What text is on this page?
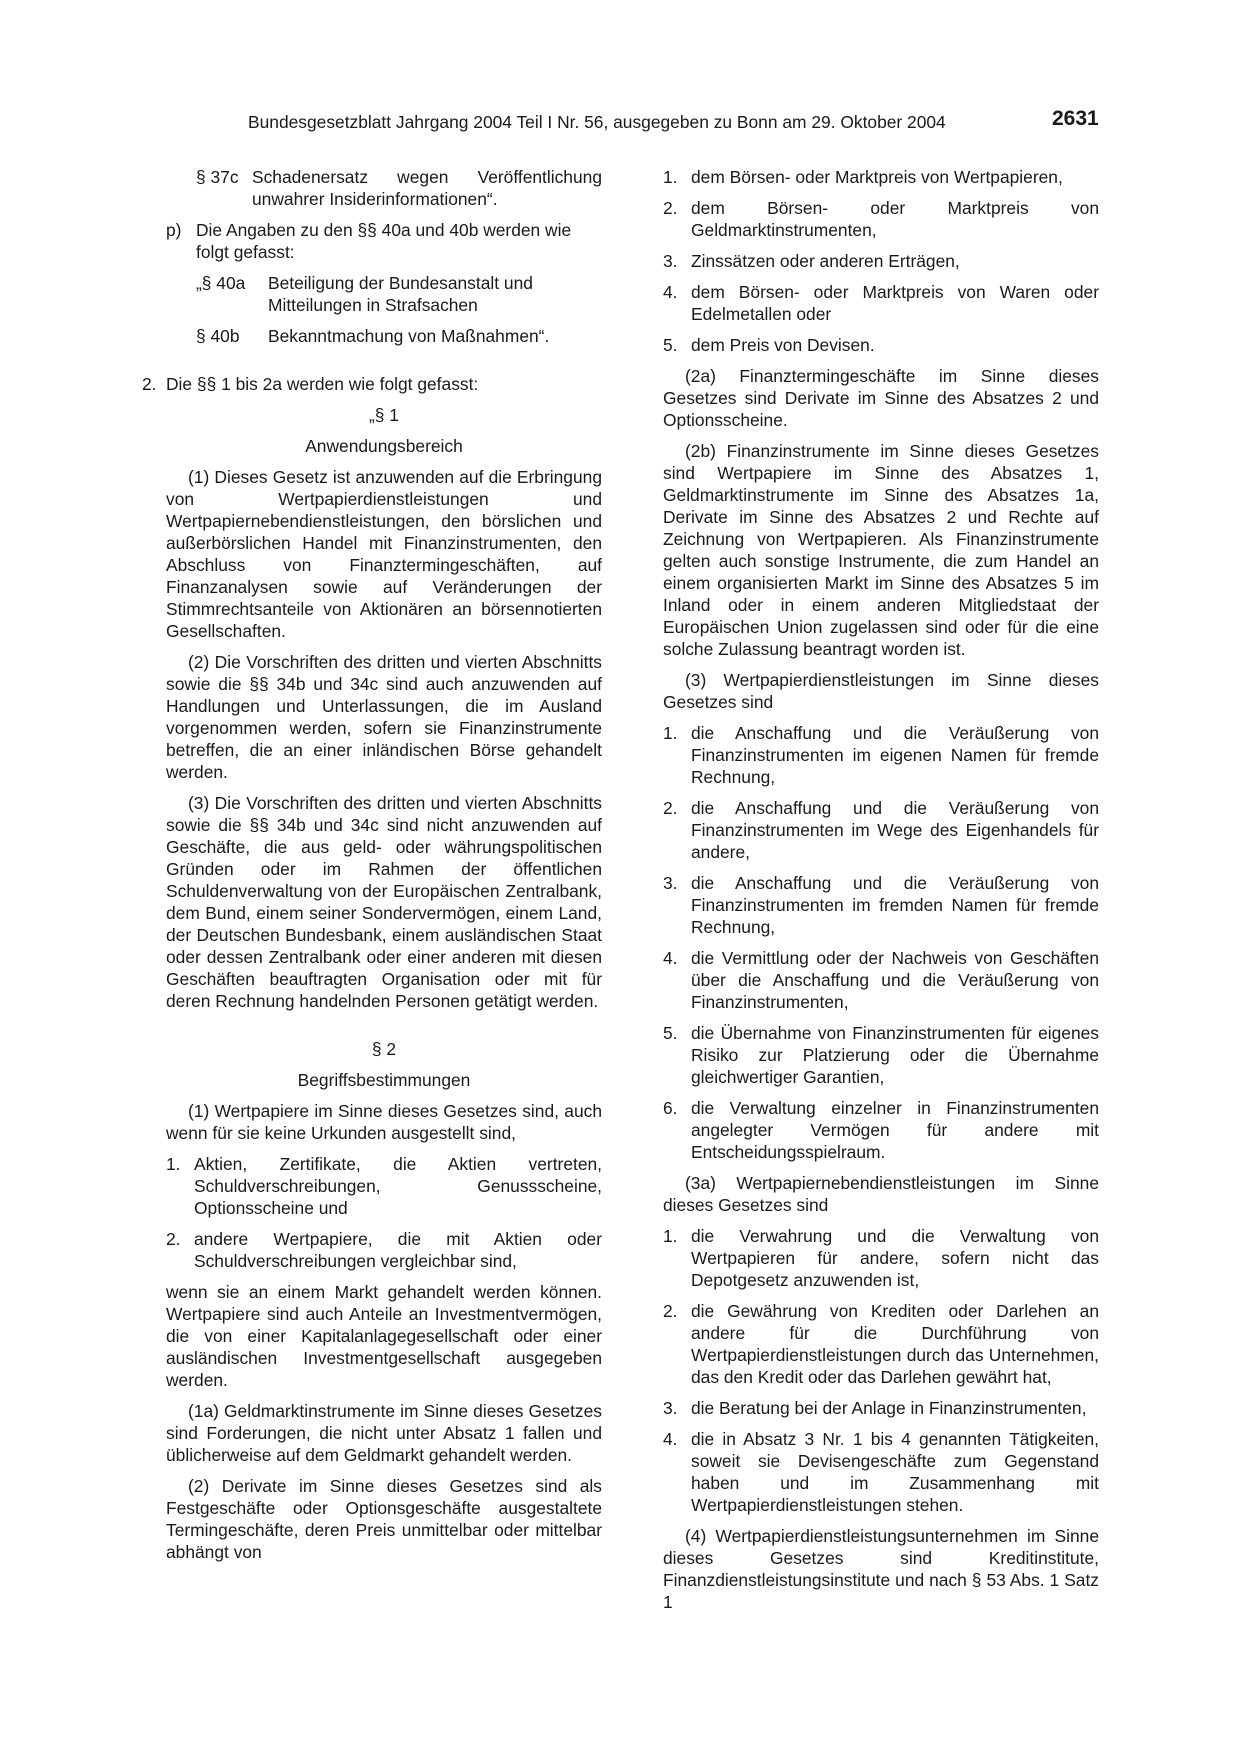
Bundesgesetzblatt Jahrgang 2004 Teil I Nr. 56, ausgegeben zu Bonn am 29. Oktober 2004	2631
§ 37c Schadenersatz wegen Veröffentlichung unwahrer Insiderinformationen“.
p) Die Angaben zu den §§ 40a und 40b werden wie folgt gefasst:
„§ 40a	Beteiligung der Bundesanstalt und Mitteilungen in Strafsachen
§ 40b	Bekanntmachung von Maßnahmen“.
2. Die §§ 1 bis 2a werden wie folgt gefasst:

„§ 1

Anwendungsbereich

(1) Dieses Gesetz ist anzuwenden auf die Erbringung von Wertpapierdienstleistungen und Wertpapiernebendienstleistungen, den börslichen und außerbörslichen Handel mit Finanzinstrumenten, den Abschluss von Finanztermingeschäften, auf Finanzanalysen sowie auf Veränderungen der Stimmrechtsanteile von Aktionären an börsennotierten Gesellschaften.

(2) Die Vorschriften des dritten und vierten Abschnitts sowie die §§ 34b und 34c sind auch anzuwenden auf Handlungen und Unterlassungen, die im Ausland vorgenommen werden, sofern sie Finanzinstrumente betreffen, die an einer inländischen Börse gehandelt werden.

(3) Die Vorschriften des dritten und vierten Abschnitts sowie die §§ 34b und 34c sind nicht anzuwenden auf Geschäfte, die aus geld- oder währungspolitischen Gründen oder im Rahmen der öffentlichen Schuldenverwaltung von der Europäischen Zentralbank, dem Bund, einem seiner Sondervermögen, einem Land, der Deutschen Bundesbank, einem ausländischen Staat oder dessen Zentralbank oder einer anderen mit diesen Geschäften beauftragten Organisation oder mit für deren Rechnung handelnden Personen getätigt werden.

§ 2

Begriffsbestimmungen

(1) Wertpapiere im Sinne dieses Gesetzes sind, auch wenn für sie keine Urkunden ausgestellt sind,

1. Aktien, Zertifikate, die Aktien vertreten, Schuldverschreibungen, Genussscheine, Optionsscheine und
2. andere Wertpapiere, die mit Aktien oder Schuldverschreibungen vergleichbar sind,

wenn sie an einem Markt gehandelt werden können. Wertpapiere sind auch Anteile an Investmentvermögen, die von einer Kapitalanlagegesellschaft oder einer ausländischen Investmentgesellschaft ausgegeben werden.

(1a) Geldmarktinstrumente im Sinne dieses Gesetzes sind Forderungen, die nicht unter Absatz 1 fallen und üblicherweise auf dem Geldmarkt gehandelt werden.

(2) Derivate im Sinne dieses Gesetzes sind als Festgeschäfte oder Optionsgeschäfte ausgestaltete Termingeschäfte, deren Preis unmittelbar oder mittelbar abhängt von

1. dem Börsen- oder Marktpreis von Wertpapieren,
2. dem Börsen- oder Marktpreis von Geldmarktinstrumenten,
3. Zinssätzen oder anderen Erträgen,
4. dem Börsen- oder Marktpreis von Waren oder Edelmetallen oder
5. dem Preis von Devisen.

(2a) Finanztermingeschäfte im Sinne dieses Gesetzes sind Derivate im Sinne des Absatzes 2 und Optionsscheine.

(2b) Finanzinstrumente im Sinne dieses Gesetzes sind Wertpapiere im Sinne des Absatzes 1, Geldmarktinstrumente im Sinne des Absatzes 1a, Derivate im Sinne des Absatzes 2 und Rechte auf Zeichnung von Wertpapieren. Als Finanzinstrumente gelten auch sonstige Instrumente, die zum Handel an einem organisierten Markt im Sinne des Absatzes 5 im Inland oder in einem anderen Mitgliedstaat der Europäischen Union zugelassen sind oder für die eine solche Zulassung beantragt worden ist.

(3) Wertpapierdienstleistungen im Sinne dieses Gesetzes sind

1. die Anschaffung und die Veräußerung von Finanzinstrumenten im eigenen Namen für fremde Rechnung,
2. die Anschaffung und die Veräußerung von Finanzinstrumenten im Wege des Eigenhandels für andere,
3. die Anschaffung und die Veräußerung von Finanzinstrumenten im fremden Namen für fremde Rechnung,
4. die Vermittlung oder der Nachweis von Geschäften über die Anschaffung und die Veräußerung von Finanzinstrumenten,
5. die Übernahme von Finanzinstrumenten für eigenes Risiko zur Platzierung oder die Übernahme gleichwertiger Garantien,
6. die Verwaltung einzelner in Finanzinstrumenten angelegter Vermögen für andere mit Entscheidungsspielraum.

(3a) Wertpapiernebendienstleistungen im Sinne dieses Gesetzes sind

1. die Verwahrung und die Verwaltung von Wertpapieren für andere, sofern nicht das Depotgesetz anzuwenden ist,
2. die Gewährung von Krediten oder Darlehen an andere für die Durchführung von Wertpapierdienstleistungen durch das Unternehmen, das den Kredit oder das Darlehen gewährt hat,
3. die Beratung bei der Anlage in Finanzinstrumenten,
4. die in Absatz 3 Nr. 1 bis 4 genannten Tätigkeiten, soweit sie Devisengeschäfte zum Gegenstand haben und im Zusammenhang mit Wertpapierdienstleistungen stehen.

(4) Wertpapierdienstleistungsunternehmen im Sinne dieses Gesetzes sind Kreditinstitute, Finanzdienstleistungsinstitute und nach § 53 Abs. 1 Satz 1
